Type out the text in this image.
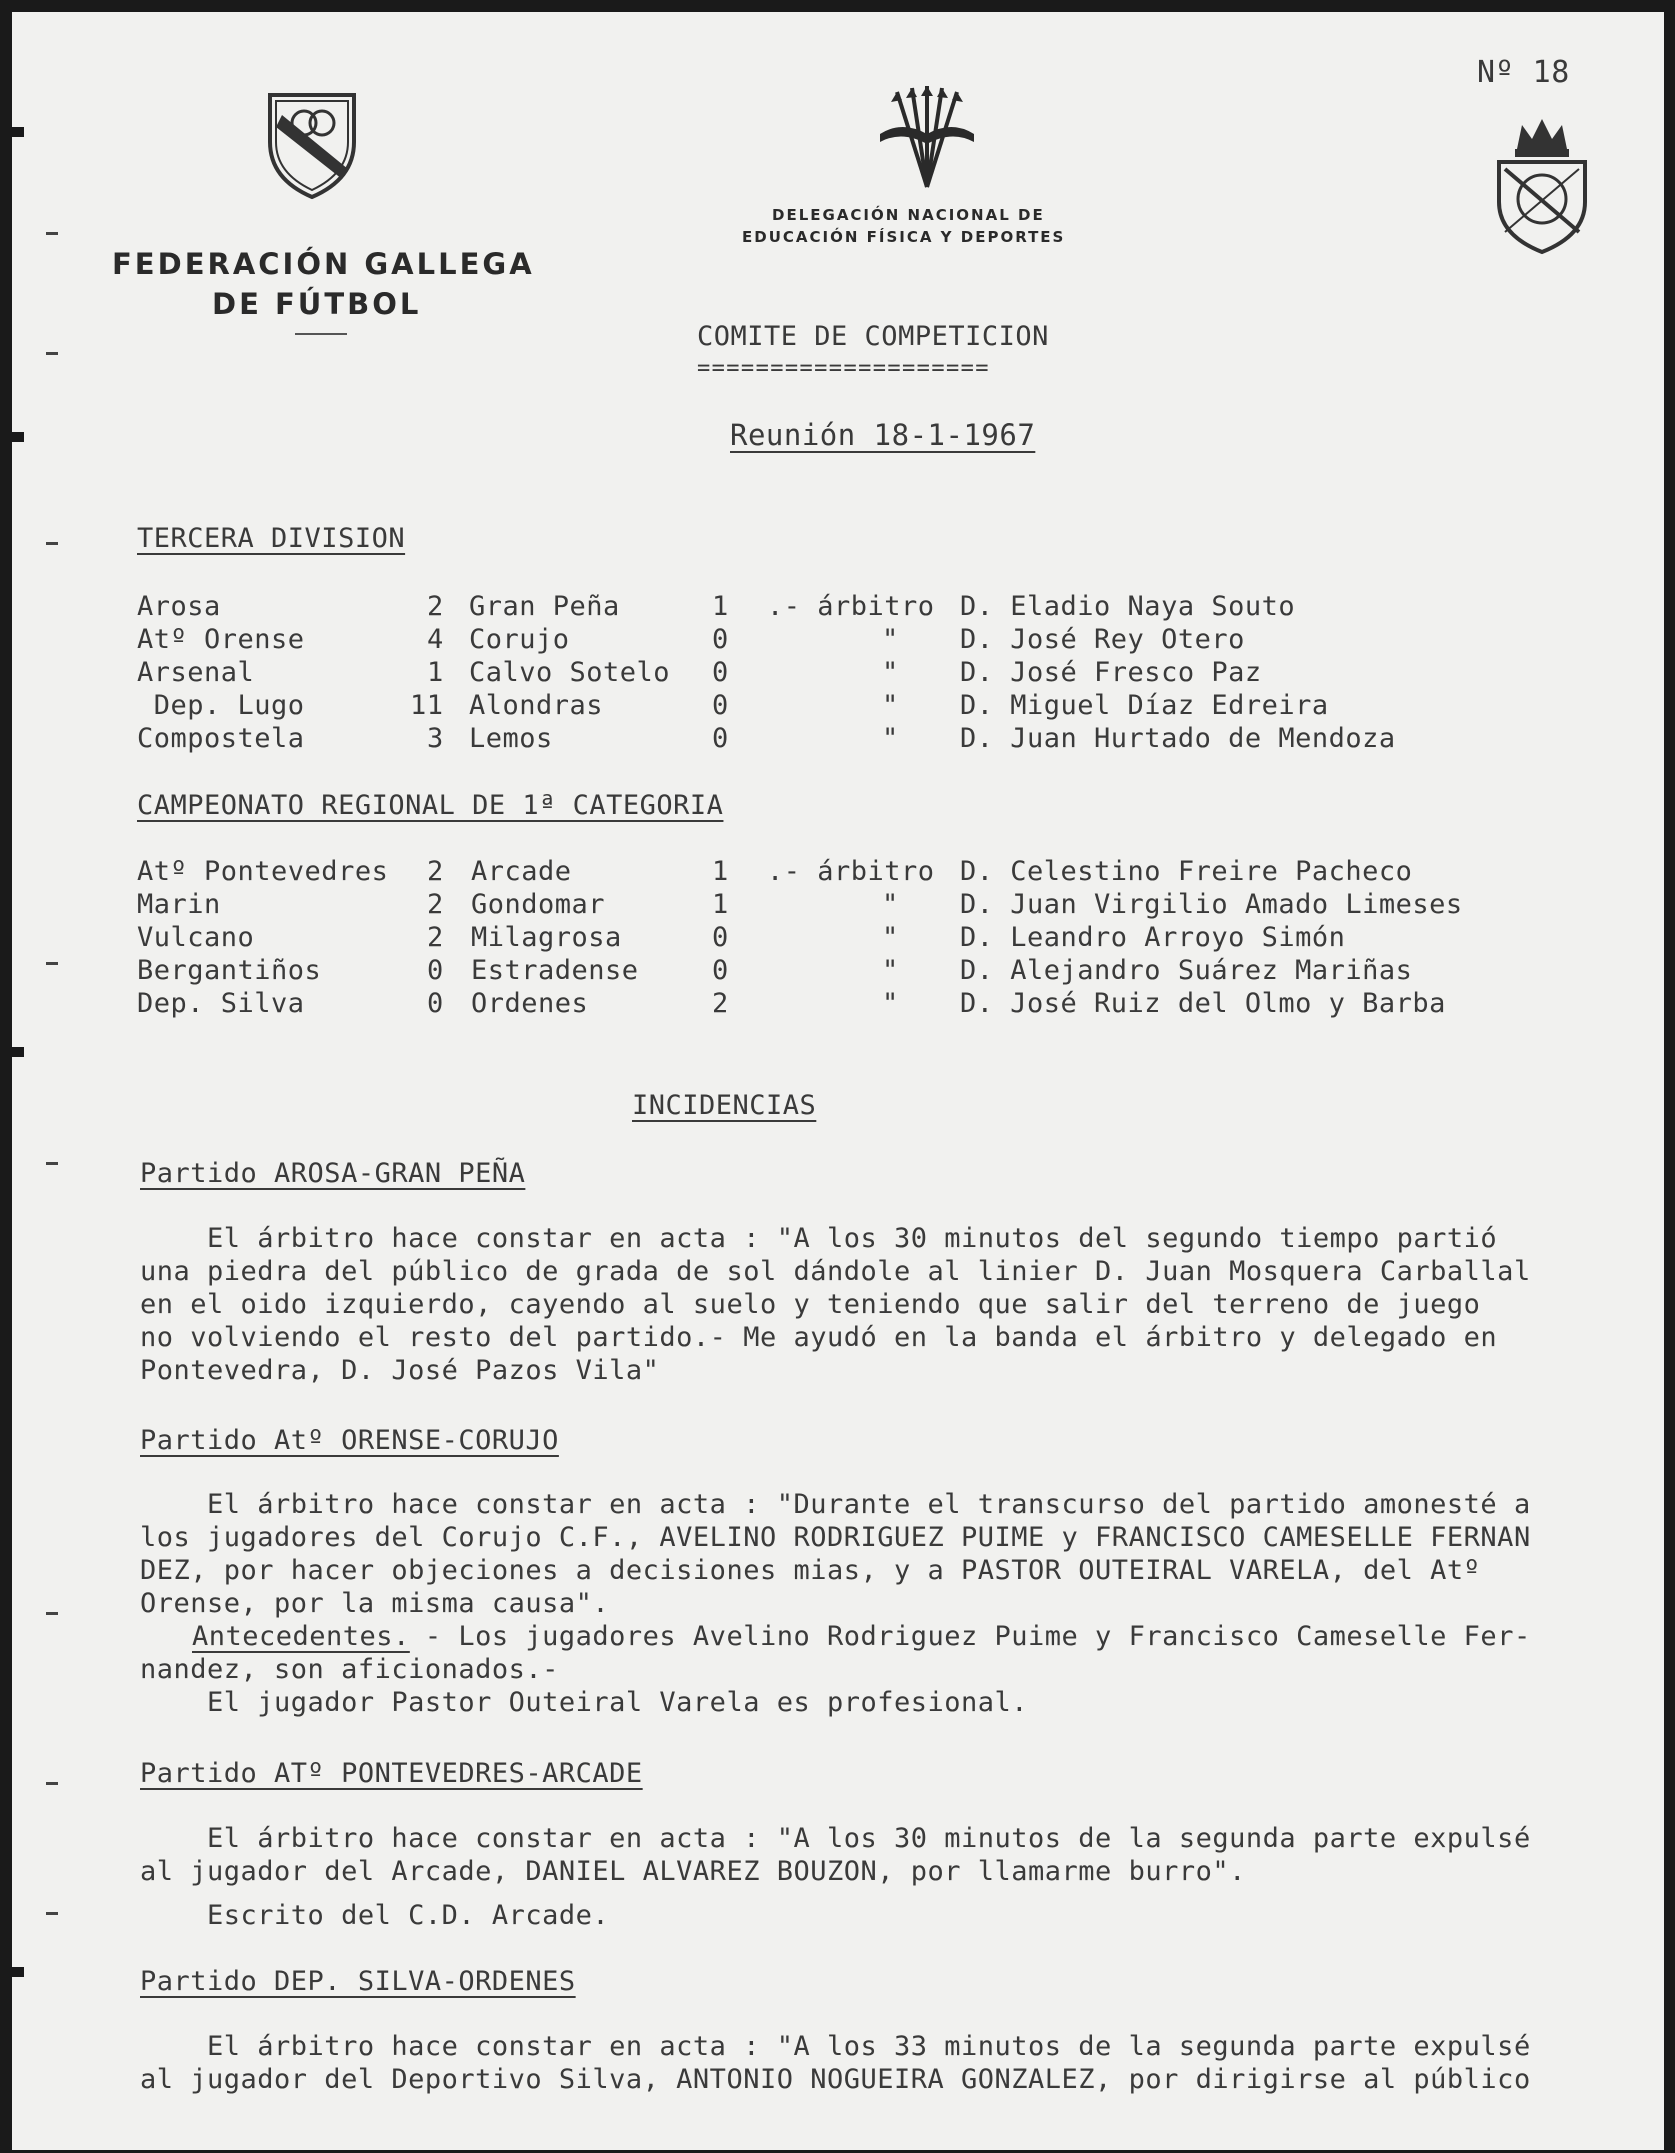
FEDERACIÓN GALLEGA
DE FÚTBOL
DELEGACIÓN NACIONAL DE
EDUCACIÓN FÍSICA Y DEPORTES
Nº 18
COMITE DE COMPETICION
====================
Reunión 18-1-1967
TERCERA DIVISION
Arosa	2 Gran Peña	1 .- árbitro D. Eladio Naya Souto
Atº Orense	4 Corujo	0	" D. José Rey Otero
Arsenal	1 Calvo Sotelo 0	" D. José Fresco Paz
Dep. Lugo	11 Alondras	0	" D. Miguel Díaz Edreira
Compostela	3 Lemos	0	" D. Juan Hurtado de Mendoza
CAMPEONATO REGIONAL DE 1ª CATEGORIA
Atº Pontevedres 2 Arcade	1 .- árbitro D. Celestino Freire Pacheco
Marin	2 Gondomar	1	" D. Juan Virgilio Amado Limeses
Vulcano	2 Milagrosa	0	" D. Leandro Arroyo Simón
Bergantiños	0 Estradense	0	" D. Alejandro Suárez Mariñas
Dep. Silva	0 Ordenes	2	" D. José Ruiz del Olmo y Barba
INCIDENCIAS
Partido AROSA-GRAN PEÑA
El árbitro hace constar en acta : "A los 30 minutos del segundo tiempo partió
una piedra del público de grada de sol dándole al linier D. Juan Mosquera Carballal
en el oido izquierdo, cayendo al suelo y teniendo que salir del terreno de juego
no volviendo el resto del partido.- Me ayudó en la banda el árbitro y delegado en
Pontevedra, D. José Pazos Vila"
Partido Atº ORENSE-CORUJO
El árbitro hace constar en acta : "Durante el transcurso del partido amonesté a
los jugadores del Corujo C.F., AVELINO RODRIGUEZ PUIME y FRANCISCO CAMESELLE FERNAN
DEZ, por hacer objeciones a decisiones mias, y a PASTOR OUTEIRAL VARELA, del Atº
Orense, por la misma causa".
Antecedentes. - Los jugadores Avelino Rodriguez Puime y Francisco Cameselle Fer-
nandez, son aficionados.-
El jugador Pastor Outeiral Varela es profesional.
Partido ATº PONTEVEDRES-ARCADE
El árbitro hace constar en acta : "A los 30 minutos de la segunda parte expulsé
al jugador del Arcade, DANIEL ALVAREZ BOUZON, por llamarme burro".
Escrito del C.D. Arcade.
Partido DEP. SILVA-ORDENES
El árbitro hace constar en acta : "A los 33 minutos de la segunda parte expulsé
al jugador del Deportivo Silva, ANTONIO NOGUEIRA GONZALEZ, por dirigirse al público
